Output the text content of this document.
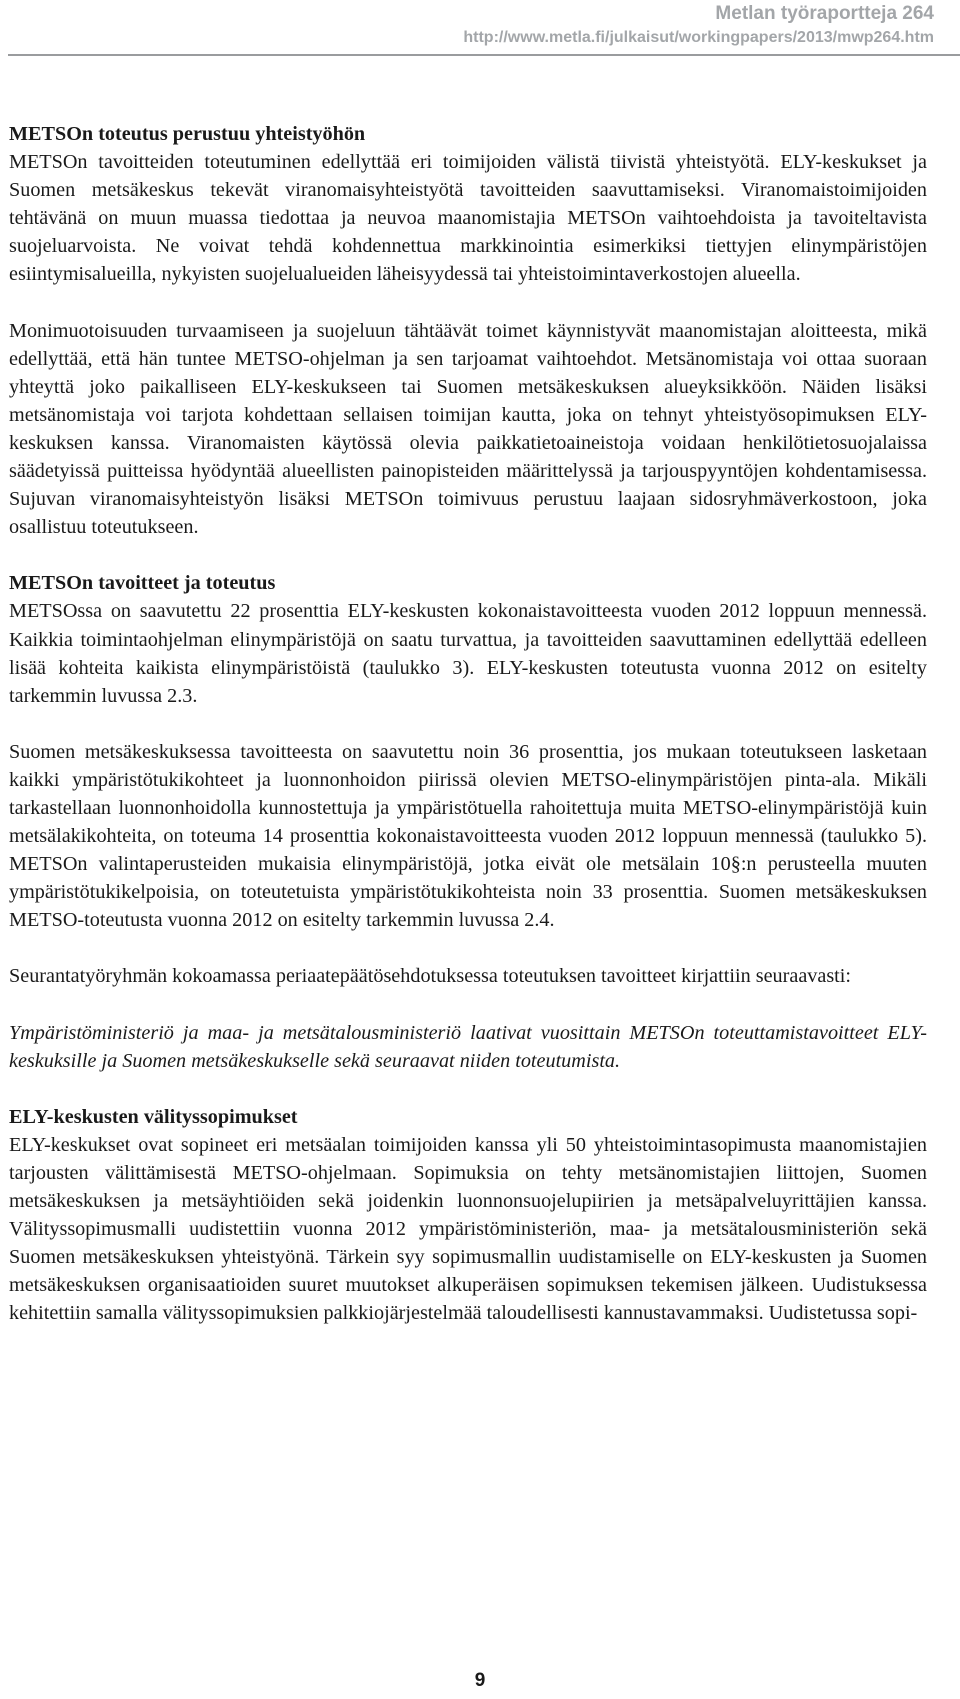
Metlan työraportteja 264
http://www.metla.fi/julkaisut/workingpapers/2013/mwp264.htm
METSOn toteutus perustuu yhteistyöhön

METSOn tavoitteiden toteutuminen edellyttää eri toimijoiden välistä tiivistä yhteistyötä. ELY-keskukset ja Suomen metsäkeskus tekevät viranomaisyhteistyötä tavoitteiden saavuttamiseksi. Viranomaistoimijoiden tehtävänä on muun muassa tiedottaa ja neuvoa maanomistajia METSOn vaihtoehdoista ja tavoiteltavista suojeluarvoista. Ne voivat tehdä kohdennettua markkinointia esimerkiksi tiettyjen elinympäristöjen esiintymisalueilla, nykyisten suojelualueiden läheisyydessä tai yhteistoimintaverkostojen alueella.

Monimuotoisuuden turvaamiseen ja suojeluun tähtäävät toimet käynnistyvät maanomistajan aloitteesta, mikä edellyttää, että hän tuntee METSO-ohjelman ja sen tarjoamat vaihtoehdot. Metsänomistaja voi ottaa suoraan yhteyttä joko paikalliseen ELY-keskukseen tai Suomen metsäkeskuksen alueyksikköön. Näiden lisäksi metsänomistaja voi tarjota kohdettaan sellaisen toimijan kautta, joka on tehnyt yhteistyösopimuksen ELY-keskuksen kanssa. Viranomaisten käytössä olevia paikkatietoaineistoja voidaan henkilötietosuojalaissa säädetyissä puitteissa hyödyntää alueellisten painopisteiden määrittelyssä ja tarjouspyyntöjen kohdentamisessa. Sujuvan viranomaisyhteistyön lisäksi METSOn toimivuus perustuu laajaan sidosryhmäverkostoon, joka osallistuu toteutukseen.

METSOn tavoitteet ja toteutus

METSOssa on saavutettu 22 prosenttia ELY-keskusten kokonaistavoitteesta vuoden 2012 loppuun mennessä. Kaikkia toimintaohjelman elinympäristöjä on saatu turvattua, ja tavoitteiden saavuttaminen edellyttää edelleen lisää kohteita kaikista elinympäristöistä (taulukko 3). ELY-keskusten toteutusta vuonna 2012 on esitelty tarkemmin luvussa 2.3.

Suomen metsäkeskuksessa tavoitteesta on saavutettu noin 36 prosenttia, jos mukaan toteutukseen lasketaan kaikki ympäristötukikohteet ja luonnonhoidon piirissä olevien METSO-elinympäristöjen pinta-ala. Mikäli tarkastellaan luonnonhoidolla kunnostettuja ja ympäristötuella rahoitettuja muita METSO-elinympäristöjä kuin metsälakikohteita, on toteuma 14 prosenttia kokonaistavoitteesta vuoden 2012 loppuun mennessä (taulukko 5). METSOn valintaperusteiden mukaisia elinympäristöjä, jotka eivät ole metsälain 10§:n perusteella muuten ympäristötukikelpoisia, on toteutetuista ympäristötukikohteista noin 33 prosenttia. Suomen metsäkeskuksen METSO-toteutusta vuonna 2012 on esitelty tarkemmin luvussa 2.4.

Seurantatyöryhmän kokoamassa periaatepäätösehdotuksessa toteutuksen tavoitteet kirjattiin seuraavasti:

Ympäristöministeriö ja maa- ja metsätalousministeriö laativat vuosittain METSOn toteuttamistavoitteet ELY-keskuksille ja Suomen metsäkeskukselle sekä seuraavat niiden toteutumista.

ELY-keskusten välityssopimukset

ELY-keskukset ovat sopineet eri metsäalan toimijoiden kanssa yli 50 yhteistoimintasopimusta maanomistajien tarjousten välittämisestä METSO-ohjelmaan. Sopimuksia on tehty metsänomistajien liittojen, Suomen metsäkeskuksen ja metsäyhtiöiden sekä joidenkin luonnonsuojelupiirien ja metsäpalveluyrittäjien kanssa. Välityssopimusmalli uudistettiin vuonna 2012 ympäristöministeriön, maa- ja metsätalousministeriön sekä Suomen metsäkeskuksen yhteistyönä. Tärkein syy sopimusmallin uudistamiselle on ELY-keskusten ja Suomen metsäkeskuksen organisaatioiden suuret muutokset alkuperäisen sopimuksen tekemisen jälkeen. Uudistuksessa kehitettiin samalla välityssopimuksien palkkiojärjestelmää taloudellisesti kannustavammaksi. Uudistetussa sopi-

9
